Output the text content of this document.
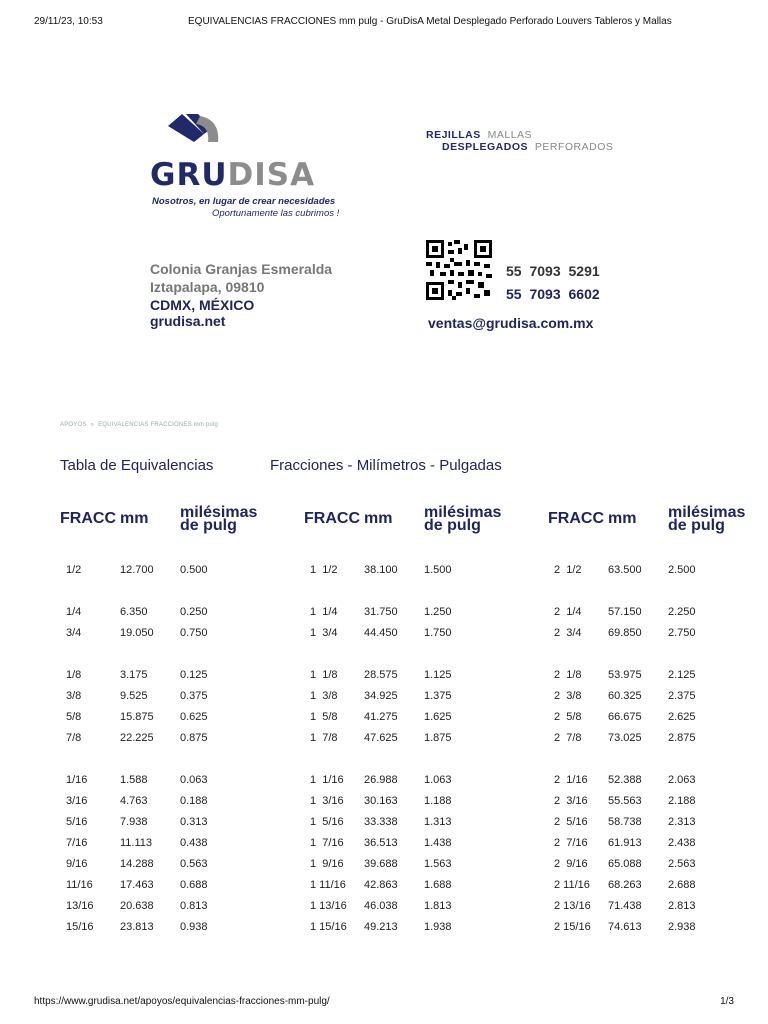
29/11/23, 10:53	EQUIVALENCIAS FRACCIONES mm pulg - GruDisA Metal Desplegado Perforado Louvers Tableros y Mallas
https://www.grudisa.net/apoyos/equivalencias-fracciones-mm-pulg/	1/3
GRUDISA
Nosotros, en lugar de crear necesidades
Oportunamente las cubrimos !
REJILLAS MALLAS
DESPLEGADOS PERFORADOS
Colonia Granjas Esmeralda
Iztapalapa, 09810
CDMX, MÉXICO
grudisa.net
55 7093 5291
55 7093 6602
ventas@grudisa.com.mx
APOYOS » EQUIVALENCIAS FRACCIONES mm pulg
Tabla de Equivalencias	Fracciones - Milímetros - Pulgadas
FRACC mm milésimas
de pulg	FRACC mm milésimas
de pulg	FRACC mm milésimas
de pulg
1/2	12.700 0.500	1  1/2 38.100 1.500	2  1/2 63.500 2.500
1/4	6.350	0.250	1  1/4 31.750 1.250	2  1/4 57.150 2.250
3/4	19.050 0.750	1  3/4 44.450 1.750	2  3/4 69.850 2.750
1/8	3.175	0.125	1  1/8 28.575 1.125	2  1/8 53.975 2.125
3/8	9.525	0.375	1  3/8 34.925 1.375	2  3/8 60.325 2.375
5/8	15.875 0.625	1  5/8 41.275 1.625	2  5/8 66.675 2.625
7/8	22.225 0.875	1  7/8 47.625 1.875	2  7/8 73.025 2.875
1/16	1.588	0.063	1  1/16 26.988 1.063	2  1/16 52.388 2.063
3/16	4.763	0.188	1  3/16 30.163 1.188	2  3/16 55.563 2.188
5/16	7.938	0.313	1  5/16 33.338 1.313	2  5/16 58.738 2.313
7/16	11.113	0.438	1  7/16 36.513 1.438	2  7/16 61.913 2.438
9/16	14.288 0.563	1  9/16 39.688 1.563	2  9/16 65.088 2.563
11/16 17.463 0.688	1 11/16 42.863 1.688	2 11/16 68.263 2.688
13/16 20.638 0.813	1 13/16 46.038 1.813	2 13/16 71.438 2.813
15/16 23.813 0.938	1 15/16 49.213 1.938	2 15/16 74.613 2.938
